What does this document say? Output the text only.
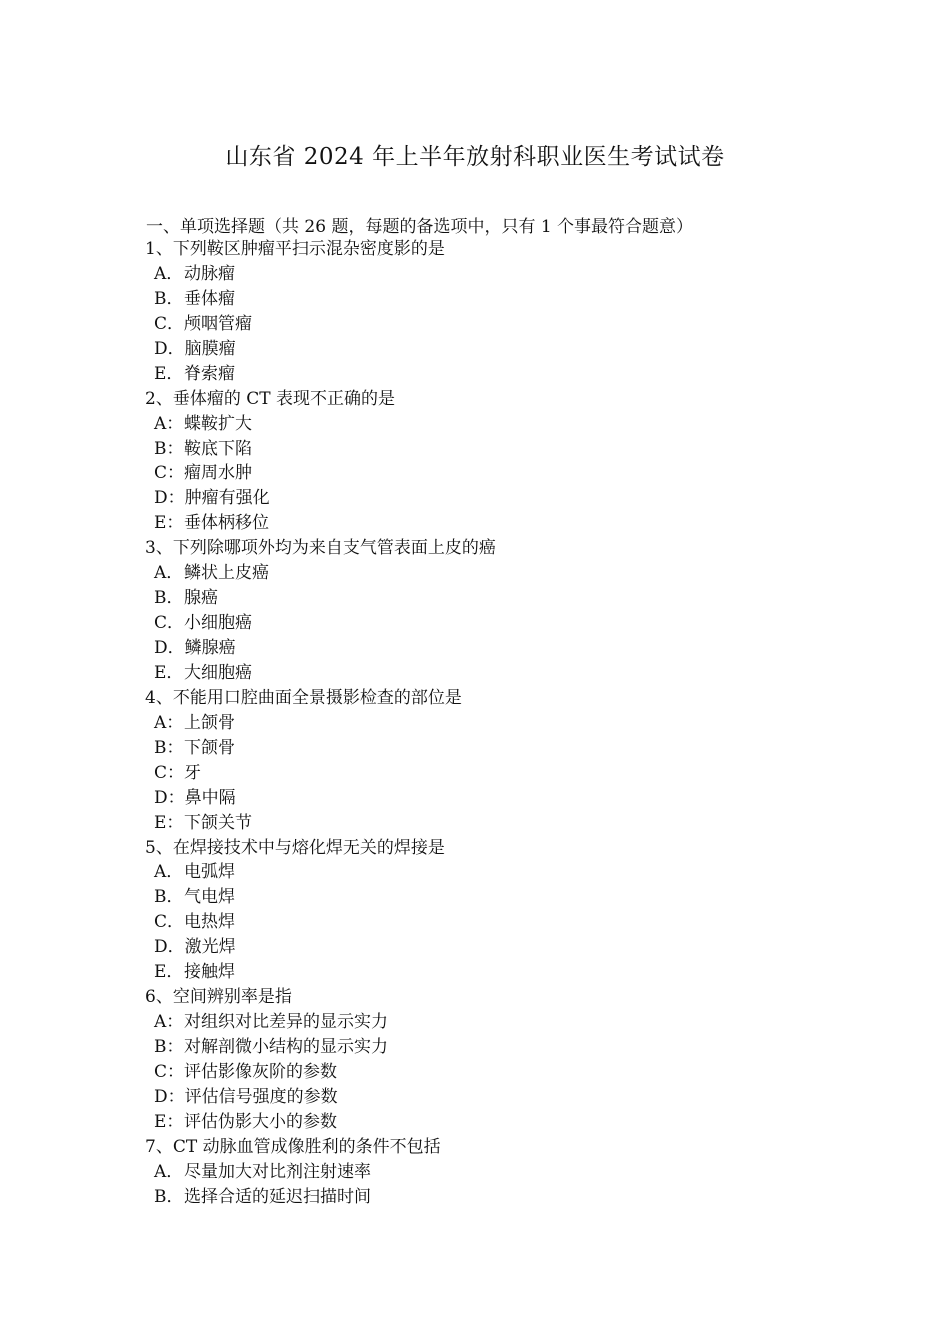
山东省 2024 年上半年放射科职业医生考试试卷
一、单项选择题（共 26 题，每题的备选项中，只有 1 个事最符合题意）
1、下列鞍区肿瘤平扫示混杂密度影的是
A．动脉瘤
B．垂体瘤
C．颅咽管瘤
D．脑膜瘤
E．脊索瘤
2、垂体瘤的 CT 表现不正确的是
A：蝶鞍扩大
B：鞍底下陷
C：瘤周水肿
D：肿瘤有强化
E：垂体柄移位
3、下列除哪项外均为来自支气管表面上皮的癌
A．鳞状上皮癌
B．腺癌
C．小细胞癌
D．鳞腺癌
E．大细胞癌
4、不能用口腔曲面全景摄影检查的部位是
A：上颌骨
B：下颌骨
C：牙
D：鼻中隔
E：下颌关节
5、在焊接技术中与熔化焊无关的焊接是
A．电弧焊
B．气电焊
C．电热焊
D．激光焊
E．接触焊
6、空间辨别率是指
A：对组织对比差异的显示实力
B：对解剖微小结构的显示实力
C：评估影像灰阶的参数
D：评估信号强度的参数
E：评估伪影大小的参数
7、CT 动脉血管成像胜利的条件不包括
A．尽量加大对比剂注射速率
B．选择合适的延迟扫描时间
